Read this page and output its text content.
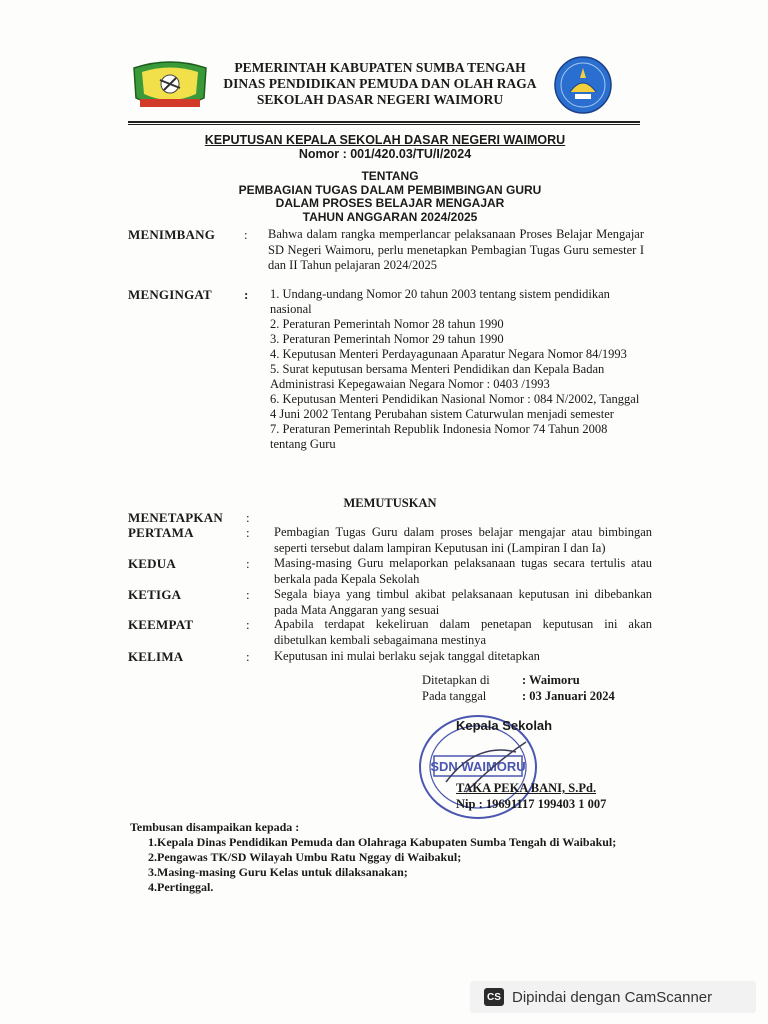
PEMERINTAH KABUPATEN SUMBA TENGAH
DINAS PENDIDIKAN PEMUDA DAN OLAH RAGA
SEKOLAH DASAR NEGERI WAIMORU
KEPUTUSAN KEPALA SEKOLAH DASAR NEGERI WAIMORU
Nomor : 001/420.03/TU/I/2024
TENTANG
PEMBAGIAN TUGAS DALAM PEMBIMBINGAN GURU
DALAM PROSES BELAJAR MENGAJAR
TAHUN ANGGARAN 2024/2025
MENIMBANG : Bahwa dalam rangka memperlancar pelaksanaan Proses Belajar Mengajar SD Negeri Waimoru, perlu menetapkan Pembagian Tugas Guru semester I dan II Tahun pelajaran 2024/2025
MENGINGAT : 1. Undang-undang Nomor 20 tahun 2003 tentang sistem pendidikan nasional
2. Peraturan Pemerintah Nomor 28 tahun 1990
3. Peraturan Pemerintah Nomor 29 tahun 1990
4. Keputusan Menteri Perdayagunaan Aparatur Negara Nomor 84/1993
5. Surat keputusan bersama Menteri Pendidikan dan Kepala Badan Administrasi Kepegawaian Negara Nomor : 0403 /1993
6. Keputusan Menteri Pendidikan Nasional Nomor : 084 N/2002, Tanggal 4 Juni 2002 Tentang Perubahan sistem Caturwulan menjadi semester
7. Peraturan Pemerintah Republik Indonesia Nomor 74 Tahun 2008 tentang Guru
MEMUTUSKAN
MENETAPKAN :
PERTAMA	: Pembagian Tugas Guru dalam proses belajar mengajar atau bimbingan seperti tersebut dalam lampiran Keputusan ini (Lampiran I dan Ia)
KEDUA	: Masing-masing Guru melaporkan pelaksanaan tugas secara tertulis atau berkala pada Kepala Sekolah
KETIGA	: Segala biaya yang timbul akibat pelaksanaan keputusan ini dibebankan pada Mata Anggaran yang sesuai
KEEMPAT	: Apabila terdapat kekeliruan dalam penetapan keputusan ini akan dibetulkan kembali sebagaimana mestinya
KELIMA	: Keputusan ini mulai berlaku sejak tanggal ditetapkan
Ditetapkan di	: Waimoru
Pada tanggal	: 03 Januari 2024
SDN WAIMORU
Kepala Sekolah
TAKA PEKA BANI, S.Pd.
Nip : 19691117 199403 1 007
Tembusan disampaikan kepada :
1.Kepala Dinas Pendidikan Pemuda dan Olahraga Kabupaten Sumba Tengah di Waibakul;
2.Pengawas TK/SD Wilayah Umbu Ratu Nggay di Waibakul;
3.Masing-masing Guru Kelas untuk dilaksanakan;
4.Pertinggal.
CS Dipindai dengan CamScanner
